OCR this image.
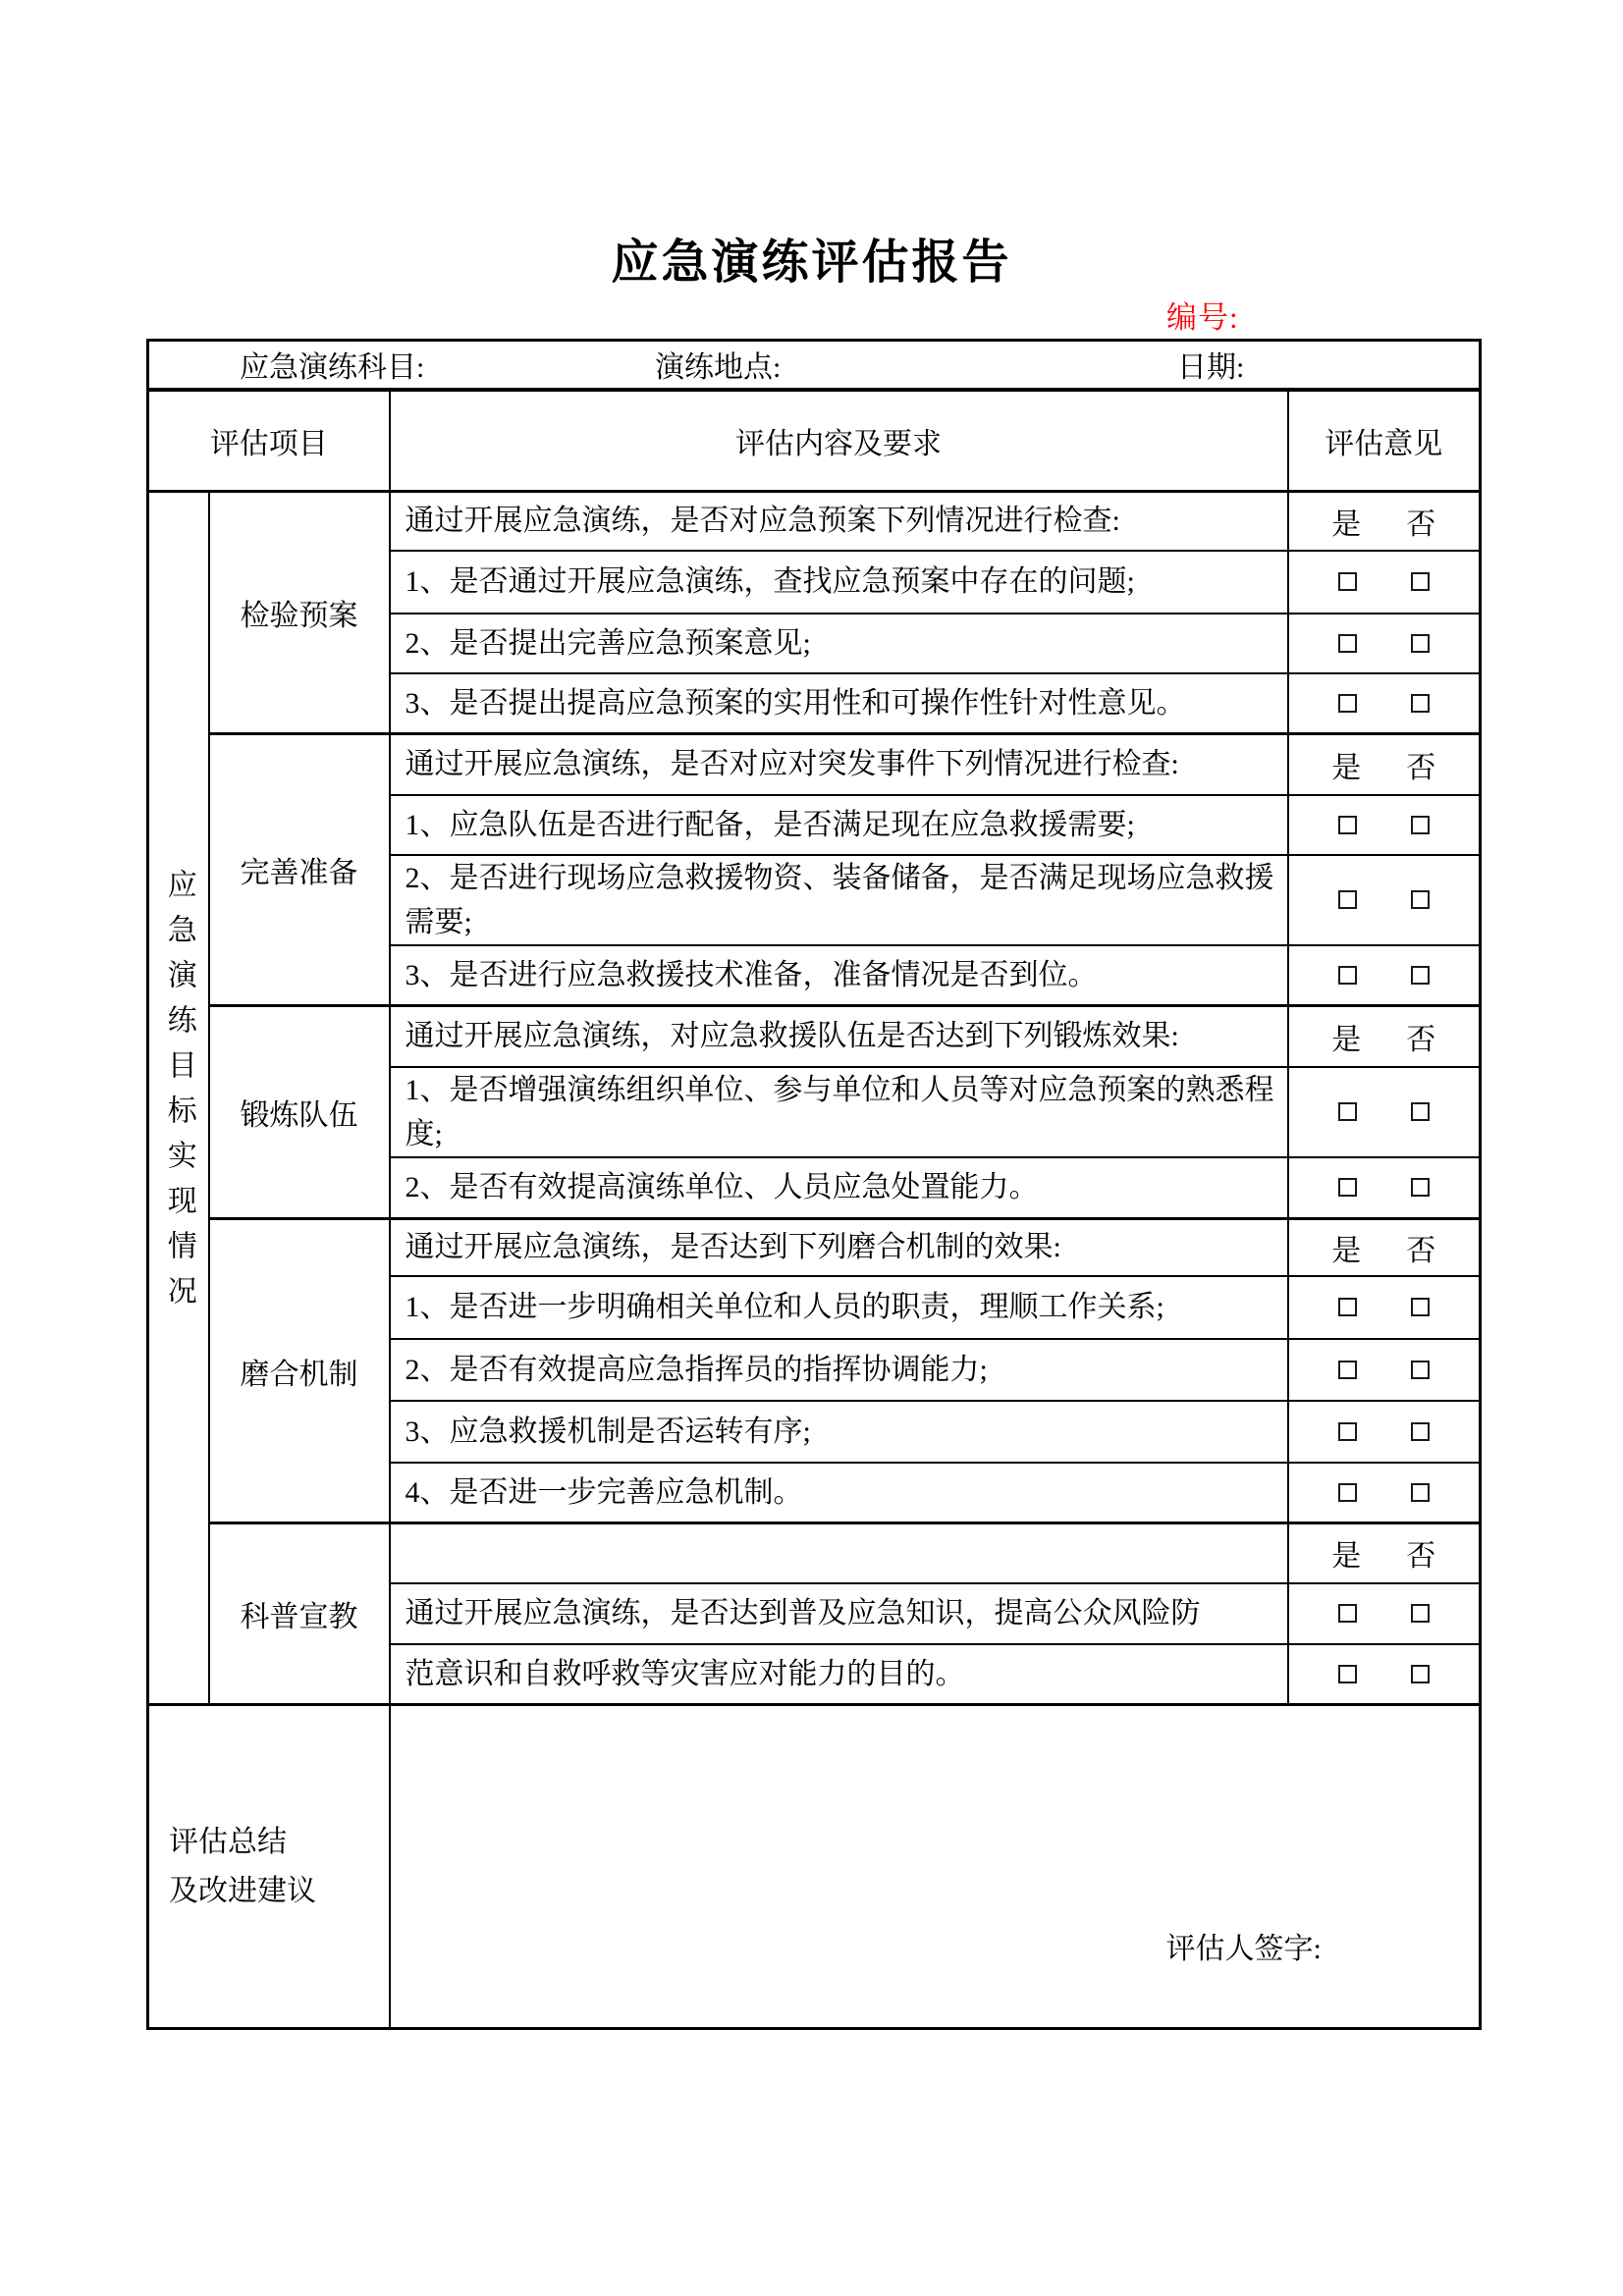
应急演练评估报告
编号:
应急演练科目: 演练地点: 日期:			

评估项目		评估内容及要求	评估意见
应急演练目标实现情况	检验预案	通过开展应急演练，是否对应急预案下列情况进行检查:	是 否

		1、是否通过开展应急演练，查找应急预案中存在的问题;	

		2、是否提出完善应急预案意见;	

		3、是否提出提高应急预案的实用性和可操作性针对性意见。	

	完善准备	通过开展应急演练，是否对应对突发事件下列情况进行检查:	是 否

		1、应急队伍是否进行配备，是否满足现在应急救援需要;	

		2、是否进行现场应急救援物资、装备储备，是否满足现场应急救援需要;	

		3、是否进行应急救援技术准备，准备情况是否到位。	

	锻炼队伍	通过开展应急演练，对应急救援队伍是否达到下列锻炼效果:	是 否

		1、是否增强演练组织单位、参与单位和人员等对应急预案的熟悉程度;	

		2、是否有效提高演练单位、人员应急处置能力。	

	磨合机制	通过开展应急演练，是否达到下列磨合机制的效果:	是 否

		1、是否进一步明确相关单位和人员的职责，理顺工作关系;	

		2、是否有效提高应急指挥员的指挥协调能力;	

		3、应急救援机制是否运转有序;	

		4、是否进一步完善应急机制。	

	科普宣教		是 否

		通过开展应急演练，是否达到普及应急知识，提高公众风险防	

		范意识和自救呼救等灾害应对能力的目的。	

评估总结
及改进建议		评估人签字:	
